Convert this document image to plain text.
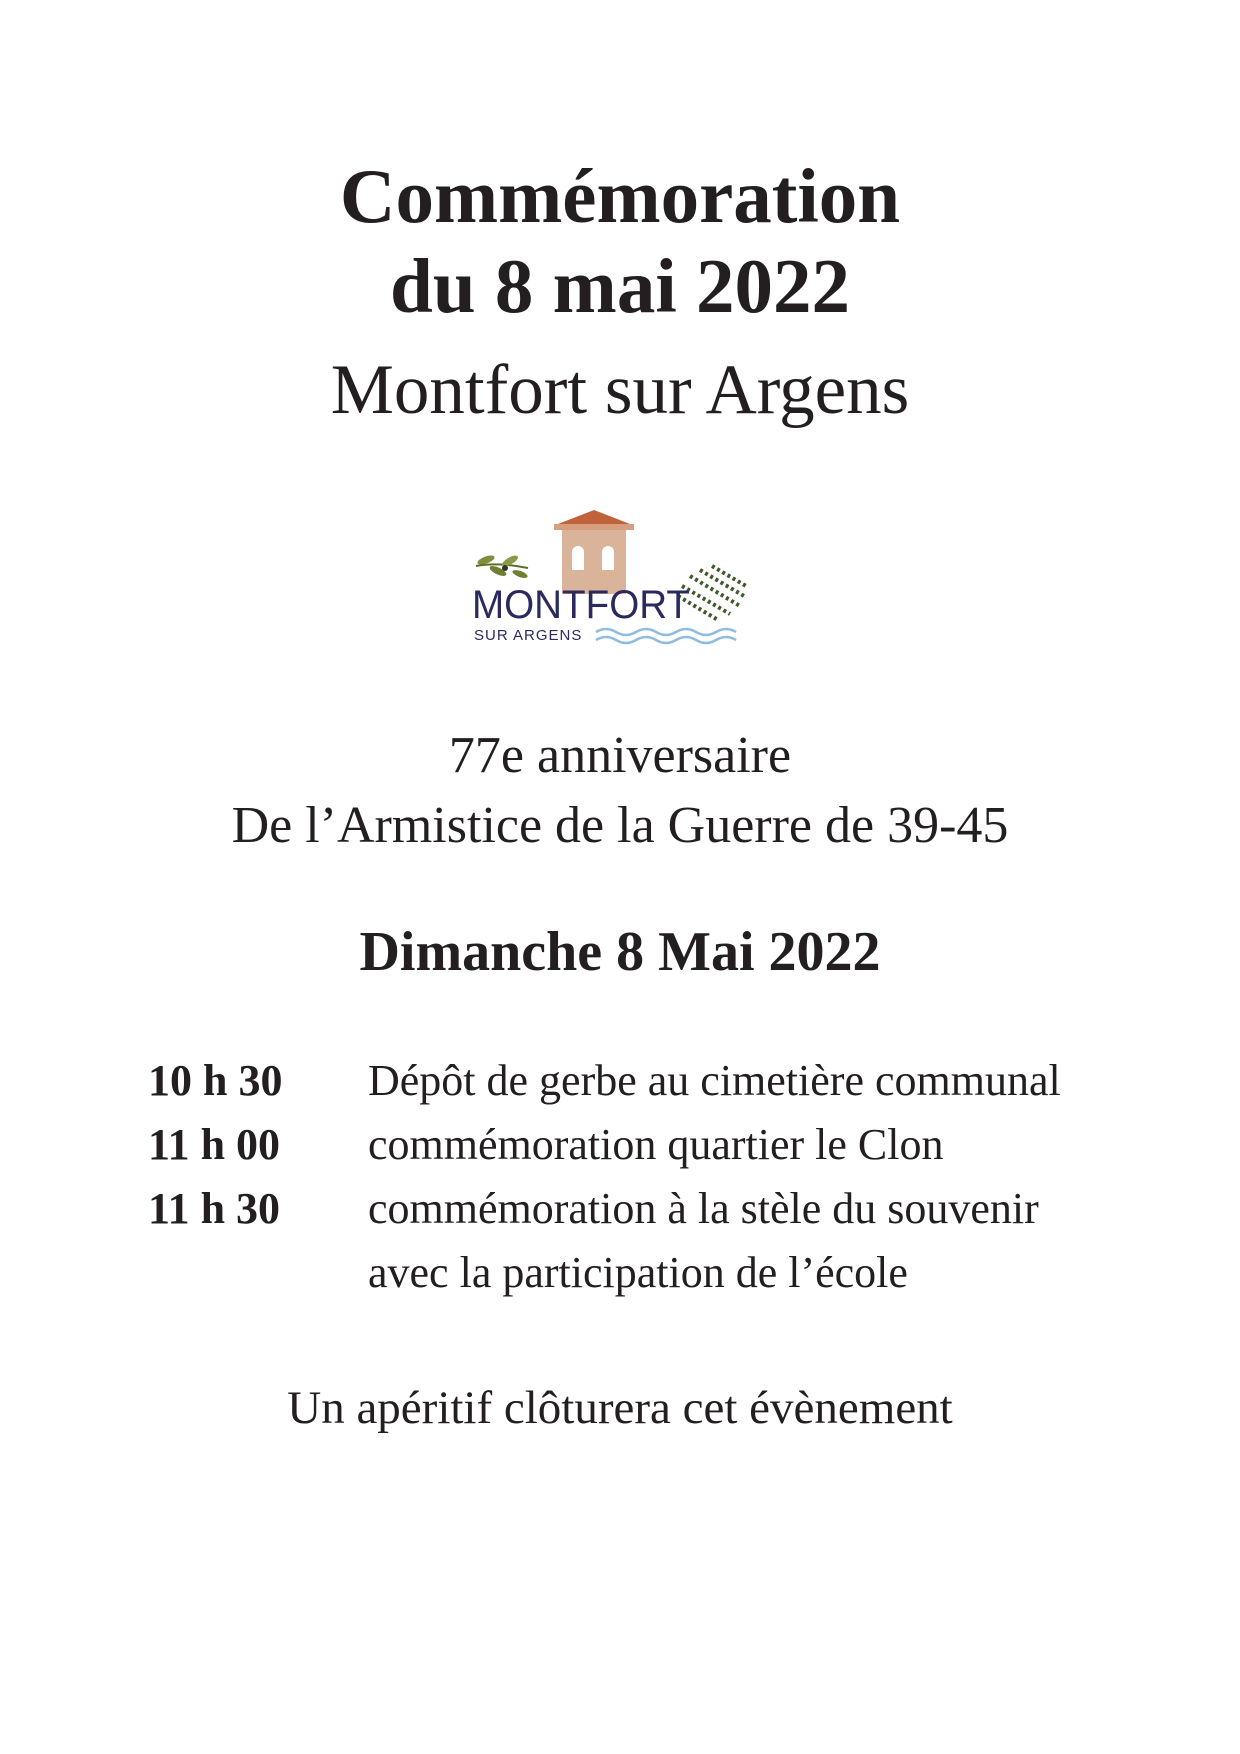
Commémoration
du 8 mai 2022
Montfort sur Argens
MONTFORT
SUR ARGENS
77e anniversaire
De l’Armistice de la Guerre de 39-45
Dimanche 8 Mai 2022
10 h 30 Dépôt de gerbe au cimetière communal
11 h 00 commémoration quartier le Clon
11 h 30 commémoration à la stèle du souvenir
avec la participation de l’école
Un apéritif clôturera cet évènement
